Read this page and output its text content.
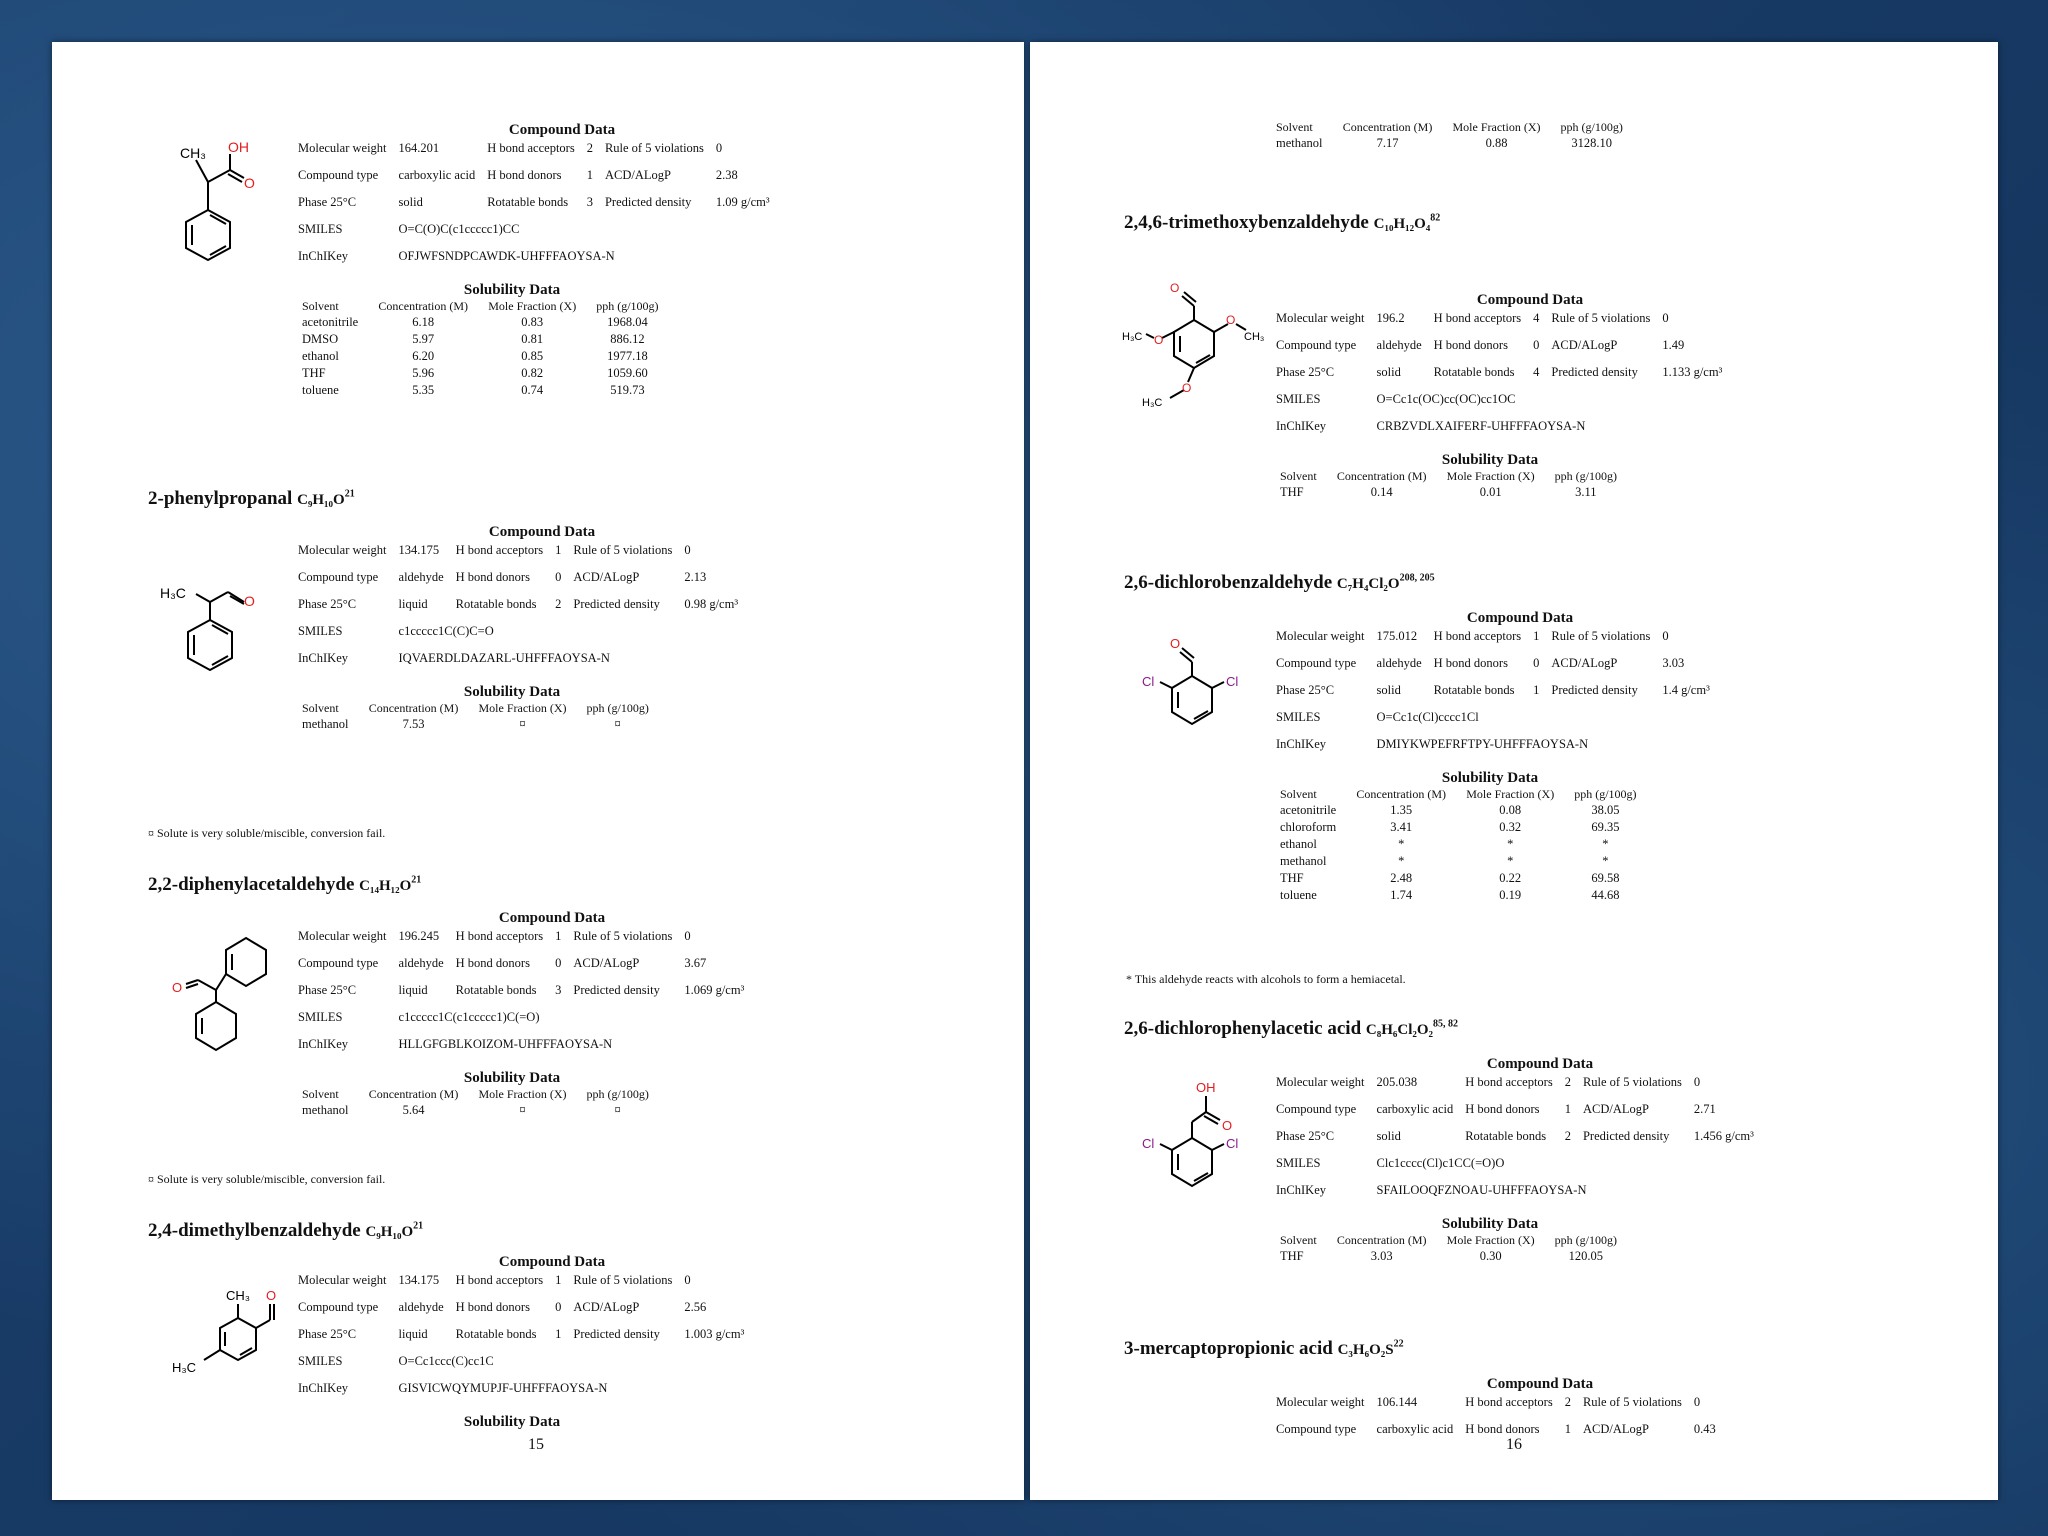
CH₃ OH
O
Compound Data
Molecular weight	164.201	H bond acceptors	2	Rule of 5 violations	0
Compound type	carboxylic acid	H bond donors	1	ACD/ALogP	2.38
Phase 25°C	solid	Rotatable bonds	3	Predicted density	1.09 g/cm³
SMILES	O=C(O)C(c1ccccc1)CC				
InChIKey	OFJWFSNDPCAWDK-UHFFFAOYSA-N				
Solubility Data
Solvent	Concentration (M)	Mole Fraction (X)	pph (g/100g)
acetonitrile	6.18	0.83	1968.04
DMSO	5.97	0.81	886.12
ethanol	6.20	0.85	1977.18
THF	5.96	0.82	1059.60
toluene	5.35	0.74	519.73
2-phenylpropanal $C_9H_{10}O^{21}$
H₃C	O
Compound Data
Molecular weight	134.175	H bond acceptors	1	Rule of 5 violations	0
Compound type	aldehyde	H bond donors	0	ACD/ALogP	2.13
Phase 25°C	liquid	Rotatable bonds	2	Predicted density	0.98 g/cm³
SMILES	c1ccccc1C(C)C=O				
InChIKey	IQVAERDLDAZARL-UHFFFAOYSA-N				
Solubility Data
Solvent	Concentration (M)	Mole Fraction (X)	pph (g/100g)
methanol	7.53	¤	¤
¤ Solute is very soluble/miscible, conversion fail.
2,2-diphenylacetaldehyde $C_{14}H_{12}O^{21}$
O
Compound Data
Molecular weight	196.245	H bond acceptors	1	Rule of 5 violations	0
Compound type	aldehyde	H bond donors	0	ACD/ALogP	3.67
Phase 25°C	liquid	Rotatable bonds	3	Predicted density	1.069 g/cm³
SMILES	c1ccccc1C(c1ccccc1)C(=O)				
InChIKey	HLLGFGBLKOIZOM-UHFFFAOYSA-N				
Solubility Data
Solvent	Concentration (M)	Mole Fraction (X)	pph (g/100g)
methanol	5.64	¤	¤
¤ Solute is very soluble/miscible, conversion fail.
2,4-dimethylbenzaldehyde $C_9H_{10}O^{21}$
CH₃ O
H₃C
Compound Data
Molecular weight	134.175	H bond acceptors	1	Rule of 5 violations	0
Compound type	aldehyde	H bond donors	0	ACD/ALogP	2.56
Phase 25°C	liquid	Rotatable bonds	1	Predicted density	1.003 g/cm³
SMILES	O=Cc1ccc(C)cc1C				
InChIKey	GISVICWQYMUPJF-UHFFFAOYSA-N				
Solubility Data
15
Solvent	Concentration (M)	Mole Fraction (X)	pph (g/100g)
methanol	7.17	0.88	3128.10
2,4,6-trimethoxybenzaldehyde C₁₀H₁₂O₄$^{82}$
O
O
O
O
H₃C	CH₃
H₃C
Compound Data
Molecular weight	196.2	H bond acceptors	4	Rule of 5 violations	0
Compound type	aldehyde	H bond donors	0	ACD/ALogP	1.49
Phase 25°C	solid	Rotatable bonds	4	Predicted density	1.133 g/cm³
SMILES	O=Cc1c(OC)cc(OC)cc1OC				
InChIKey	CRBZVDLXAIFERF-UHFFFAOYSA-N				
Solubility Data
Solvent	Concentration (M)	Mole Fraction (X)	pph (g/100g)
THF	0.14	0.01	3.11
2,6-dichlorobenzaldehyde $C_7H_4Cl_2O^{208, 205}$
O
Cl	Cl
Compound Data
Molecular weight	175.012	H bond acceptors	1	Rule of 5 violations	0
Compound type	aldehyde	H bond donors	0	ACD/ALogP	3.03
Phase 25°C	solid	Rotatable bonds	1	Predicted density	1.4 g/cm³
SMILES	O=Cc1c(Cl)cccc1Cl				
InChIKey	DMIYKWPEFRFTPY-UHFFFAOYSA-N				
Solubility Data
Solvent	Concentration (M)	Mole Fraction (X)	pph (g/100g)
acetonitrile	1.35	0.08	38.05
chloroform	3.41	0.32	69.35
ethanol	*	*	*
methanol	*	*	*
THF	2.48	0.22	69.58
toluene	1.74	0.19	44.68
* This aldehyde reacts with alcohols to form a hemiacetal.
2,6-dichlorophenylacetic acid C₈H₆Cl₂O₂$^{85, 82}$
OH
O
Cl	Cl
Compound Data
Molecular weight	205.038	H bond acceptors	2	Rule of 5 violations	0
Compound type	carboxylic acid	H bond donors	1	ACD/ALogP	2.71
Phase 25°C	solid	Rotatable bonds	2	Predicted density	1.456 g/cm³
SMILES	Clc1cccc(Cl)c1CC(=O)O				
InChIKey	SFAILOOQFZNOAU-UHFFFAOYSA-N				
Solubility Data
Solvent	Concentration (M)	Mole Fraction (X)	pph (g/100g)
THF	3.03	0.30	120.05
3-mercaptopropionic acid $C_3H_6O_2S^{22}$
Compound Data
Molecular weight	106.144	H bond acceptors	2	Rule of 5 violations	0
Compound type	carboxylic acid	H bond donors	1	ACD/ALogP	0.43
16
